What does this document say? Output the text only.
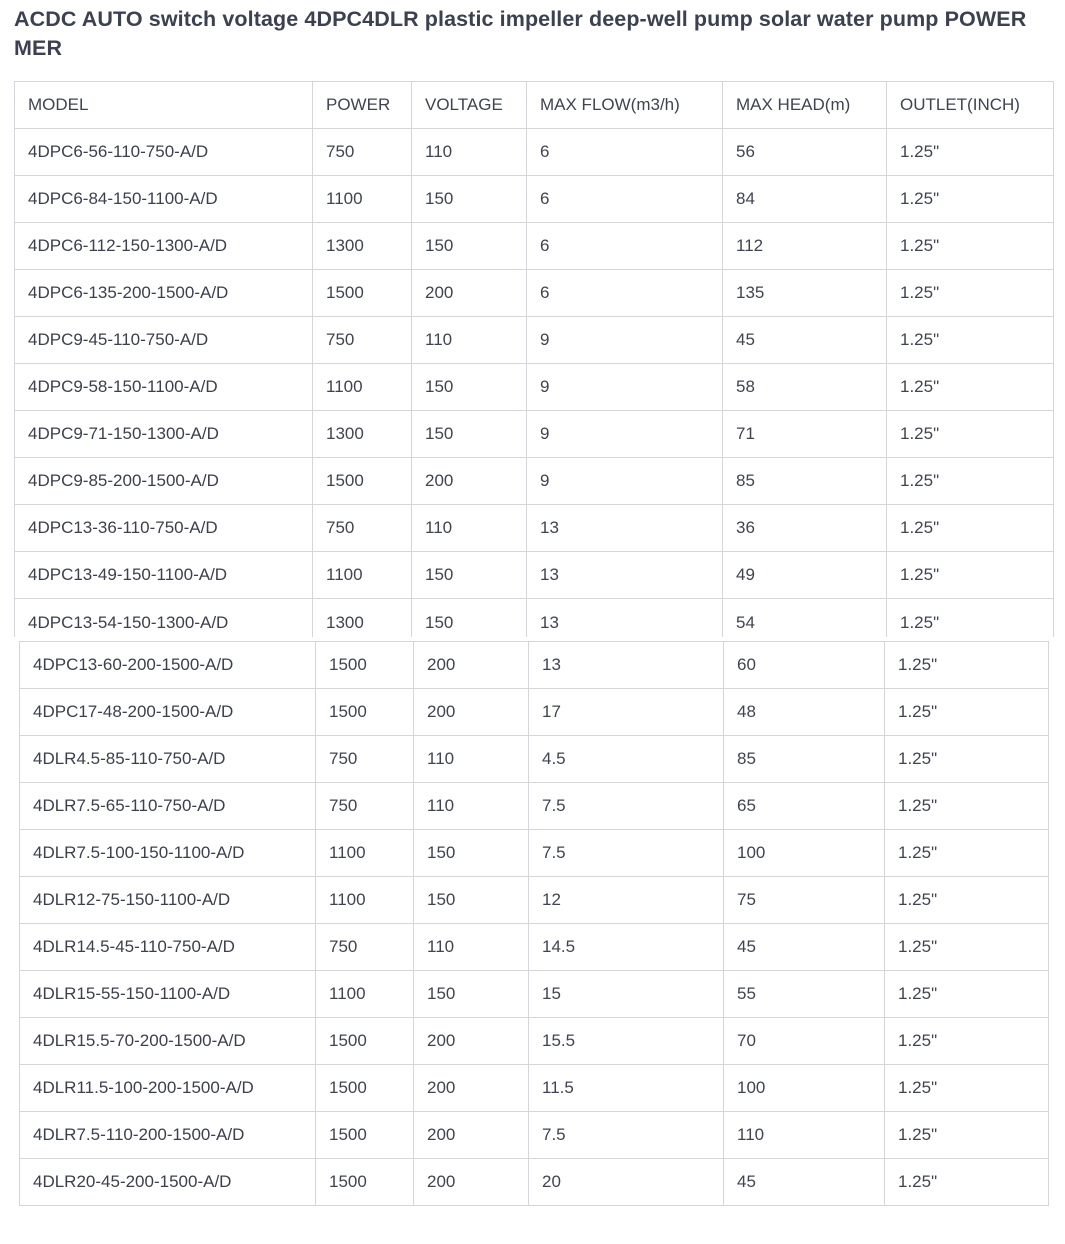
ACDC AUTO switch voltage 4DPC4DLR plastic impeller deep-well pump solar water pump POWER MER
MODEL	POWER	VOLTAGE	MAX FLOW(m3/h)	MAX HEAD(m)	OUTLET(INCH)
4DPC6-56-110-750-A/D	750	110	6	56	1.25"
4DPC6-84-150-1100-A/D	1100	150	6	84	1.25"
4DPC6-112-150-1300-A/D	1300	150	6	112	1.25"
4DPC6-135-200-1500-A/D	1500	200	6	135	1.25"
4DPC9-45-110-750-A/D	750	110	9	45	1.25"
4DPC9-58-150-1100-A/D	1100	150	9	58	1.25"
4DPC9-71-150-1300-A/D	1300	150	9	71	1.25"
4DPC9-85-200-1500-A/D	1500	200	9	85	1.25"
4DPC13-36-110-750-A/D	750	110	13	36	1.25"
4DPC13-49-150-1100-A/D	1100	150	13	49	1.25"
4DPC13-54-150-1300-A/D	1300	150	13	54	1.25"
4DPC13-60-200-1500-A/D	1500	200	13	60	1.25"
4DPC17-48-200-1500-A/D	1500	200	17	48	1.25"
4DLR4.5-85-110-750-A/D	750	110	4.5	85	1.25"
4DLR7.5-65-110-750-A/D	750	110	7.5	65	1.25"
4DLR7.5-100-150-1100-A/D	1100	150	7.5	100	1.25"
4DLR12-75-150-1100-A/D	1100	150	12	75	1.25"
4DLR14.5-45-110-750-A/D	750	110	14.5	45	1.25"
4DLR15-55-150-1100-A/D	1100	150	15	55	1.25"
4DLR15.5-70-200-1500-A/D	1500	200	15.5	70	1.25"
4DLR11.5-100-200-1500-A/D	1500	200	11.5	100	1.25"
4DLR7.5-110-200-1500-A/D	1500	200	7.5	110	1.25"
4DLR20-45-200-1500-A/D	1500	200	20	45	1.25"
